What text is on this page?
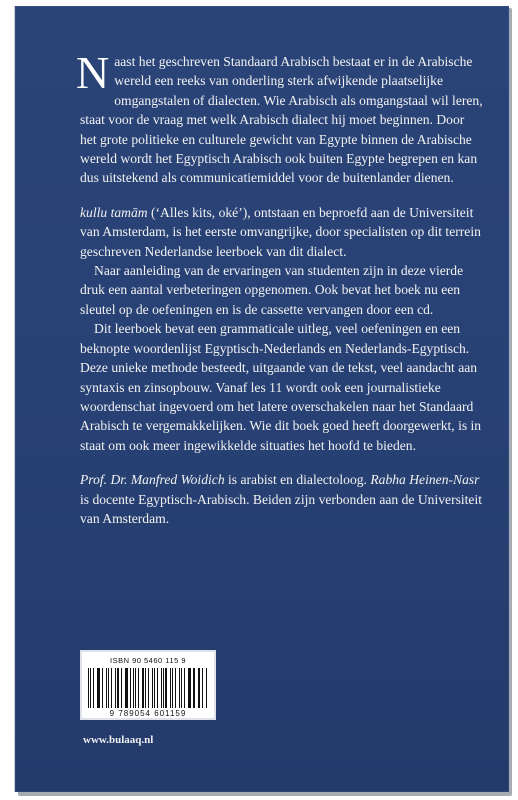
Naast het geschreven Standaard Arabisch bestaat er in de Arabische wereld een reeks van onderling sterk afwijkende plaatselijke omgangstalen of dialecten. Wie Arabisch als omgangstaal wil leren, staat voor de vraag met welk Arabisch dialect hij moet beginnen. Door het grote politieke en culturele gewicht van Egypte binnen de Arabische wereld wordt het Egyptisch Arabisch ook buiten Egypte begrepen en kan dus uitstekend als communicatiemiddel voor de buitenlander dienen.

kullu tamām (‘Alles kits, oké’), ontstaan en beproefd aan de Universiteit van Amsterdam, is het eerste omvangrijke, door specialisten op dit terrein geschreven Nederlandse leerboek van dit dialect.

Naar aanleiding van de ervaringen van studenten zijn in deze vierde druk een aantal verbeteringen opgenomen. Ook bevat het boek nu een sleutel op de oefeningen en is de cassette vervangen door een cd.

Dit leerboek bevat een grammaticale uitleg, veel oefeningen en een beknopte woordenlijst Egyptisch-Nederlands en Nederlands-Egyptisch. Deze unieke methode besteedt, uitgaande van de tekst, veel aandacht aan syntaxis en zinsopbouw. Vanaf les 11 wordt ook een journalistieke woordenschat ingevoerd om het latere overschakelen naar het Standaard Arabisch te vergemakkelijken. Wie dit boek goed heeft doorgewerkt, is in staat om ook meer ingewikkelde situaties het hoofd te bieden.

Prof. Dr. Manfred Woidich is arabist en dialectoloog. Rabha Heinen-Nasr is docente Egyptisch-Arabisch. Beiden zijn verbonden aan de Universiteit van Amsterdam.

ISBN 90 5460 115 9
9 789054 601159
www.bulaaq.nl
